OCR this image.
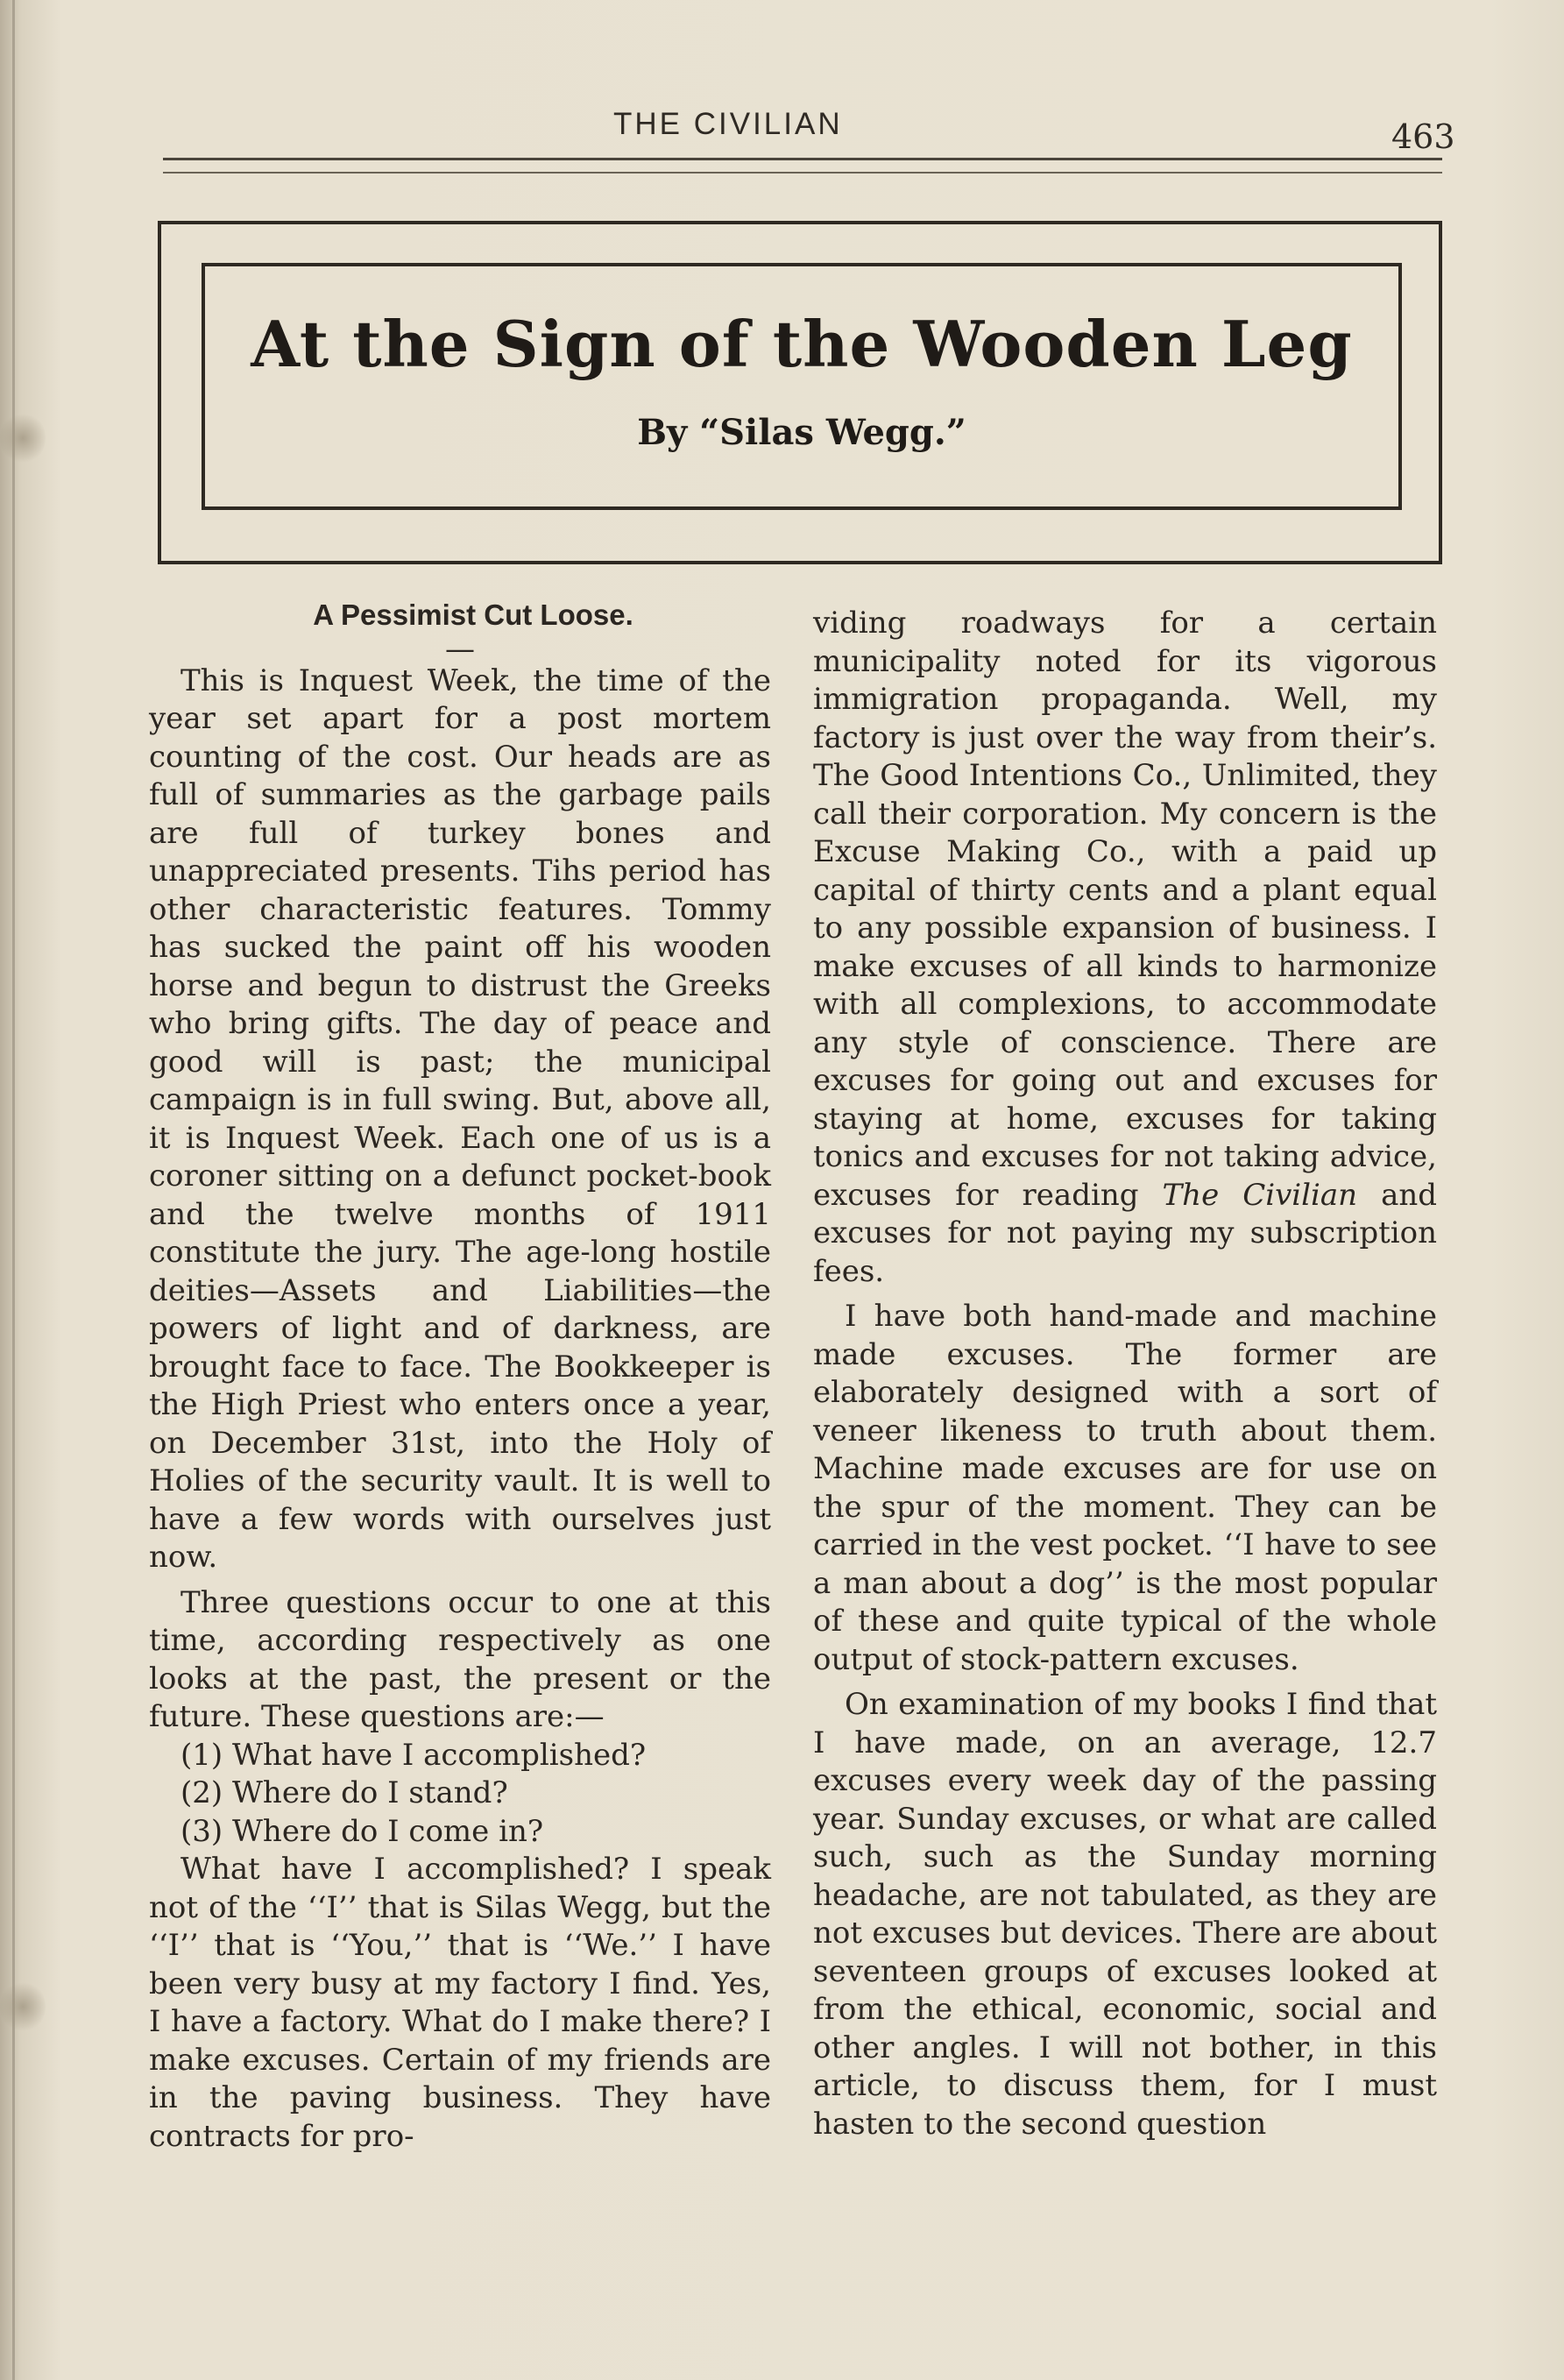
THE CIVILIAN	463
At the Sign of the Wooden Leg
By “Silas Wegg.”
A Pessimist Cut Loose.
—

This is Inquest Week, the time of the year set apart for a post mortem counting of the cost. Our heads are as full of summaries as the garbage pails are full of turkey bones and unappreciated presents. Tihs period has other characteristic features. Tommy has sucked the paint off his wooden horse and begun to distrust the Greeks who bring gifts. The day of peace and good will is past; the municipal campaign is in full swing. But, above all, it is Inquest Week. Each one of us is a coroner sitting on a defunct pocket-book and the twelve months of 1911 constitute the jury. The age-long hostile deities—Assets and Liabilities—the powers of light and of darkness, are brought face to face. The Bookkeeper is the High Priest who enters once a year, on December 31st, into the Holy of Holies of the security vault. It is well to have a few words with ourselves just now.

Three questions occur to one at this time, according respectively as one looks at the past, the present or the future. These questions are:—

(1) What have I accomplished?
(2) Where do I stand?
(3) Where do I come in?

What have I accomplished? I speak not of the ‘‘I’’ that is Silas Wegg, but the ‘‘I’’ that is ‘‘You,’’ that is ‘‘We.’’ I have been very busy at my factory I find. Yes, I have a factory. What do I make there? I make excuses. Certain of my friends are in the paving business. They have contracts for pro-

viding roadways for a certain municipality noted for its vigorous immigration propaganda. Well, my factory is just over the way from their’s. The Good Intentions Co., Unlimited, they call their corporation. My concern is the Excuse Making Co., with a paid up capital of thirty cents and a plant equal to any possible expansion of business. I make excuses of all kinds to harmonize with all complexions, to accommodate any style of conscience. There are excuses for going out and excuses for staying at home, excuses for taking tonics and excuses for not taking advice, excuses for reading The Civilian and excuses for not paying my subscription fees.

I have both hand-made and machine made excuses. The former are elaborately designed with a sort of veneer likeness to truth about them. Machine made excuses are for use on the spur of the moment. They can be carried in the vest pocket. ‘‘I have to see a man about a dog’’ is the most popular of these and quite typical of the whole output of stock-pattern excuses.

On examination of my books I find that I have made, on an average, 12.7 excuses every week day of the passing year. Sunday excuses, or what are called such, such as the Sunday morning headache, are not tabulated, as they are not excuses but devices. There are about seventeen groups of excuses looked at from the ethical, economic, social and other angles. I will not bother, in this article, to discuss them, for I must hasten to the second question
